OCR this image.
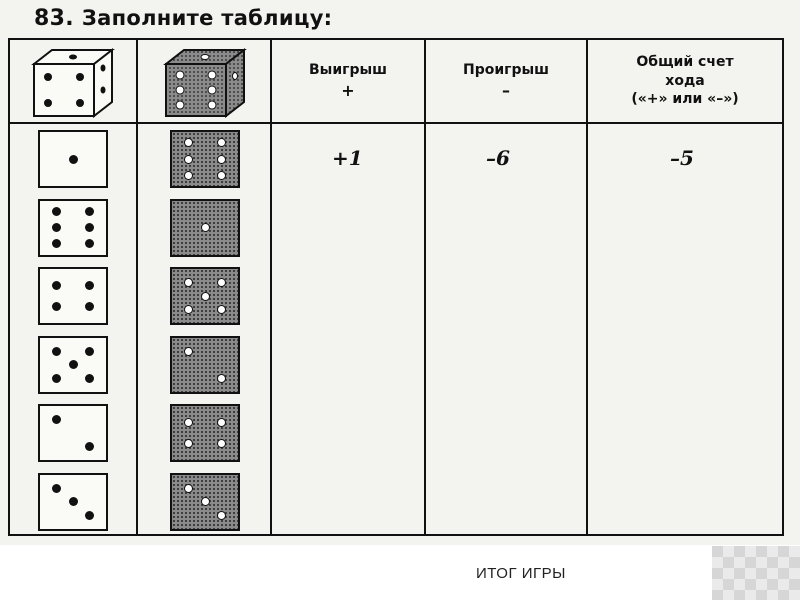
83. Заполните таблицу:
Выигрыш
+
Проигрыш
–
Общий счет
хода
(«+» или «–»)
+1	–6	–5
ИТОГ ИГРЫ
